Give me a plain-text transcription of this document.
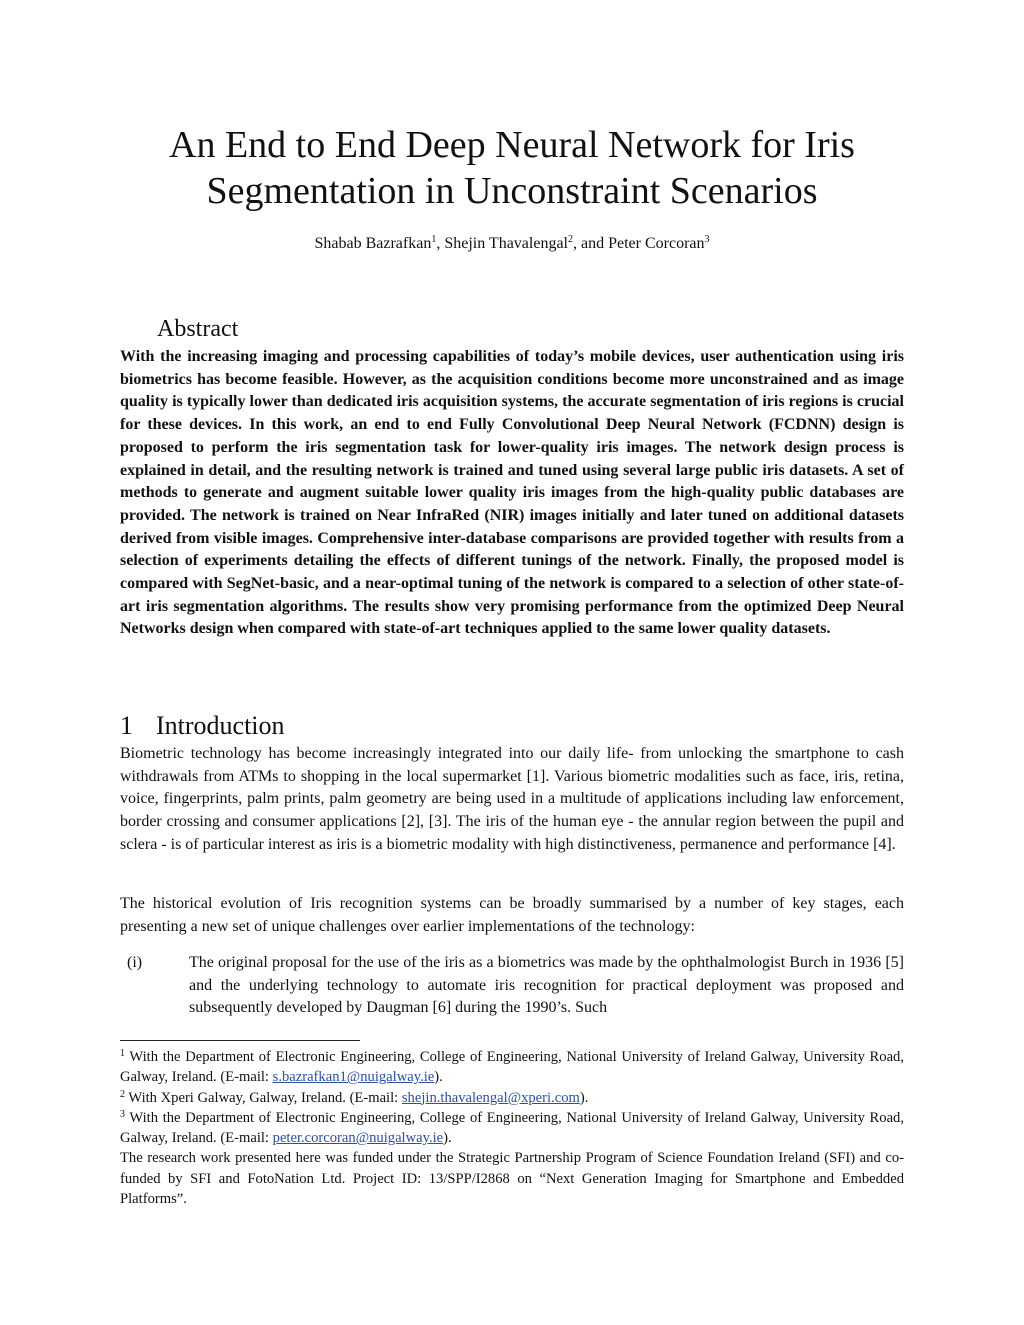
An End to End Deep Neural Network for Iris
Segmentation in Unconstraint Scenarios
Shabab Bazrafkan$^1$, Shejin Thavalengal$^2$, and Peter Corcoran$^3$
Abstract

With the increasing imaging and processing capabilities of today’s mobile devices, user authentication using iris biometrics has become feasible. However, as the acquisition conditions become more unconstrained and as image quality is typically lower than dedicated iris acquisition systems, the accurate segmentation of iris regions is crucial for these devices. In this work, an end to end Fully Convolutional Deep Neural Network (FCDNN) design is proposed to perform the iris segmentation task for lower-quality iris images. The network design process is explained in detail, and the resulting network is trained and tuned using several large public iris datasets. A set of methods to generate and augment suitable lower quality iris images from the high-quality public databases are provided. The network is trained on Near InfraRed (NIR) images initially and later tuned on additional datasets derived from visible images. Comprehensive inter-database comparisons are provided together with results from a selection of experiments detailing the effects of different tunings of the network. Finally, the proposed model is compared with SegNet-basic, and a near-optimal tuning of the network is compared to a selection of other state-of-art iris segmentation algorithms. The results show very promising performance from the optimized Deep Neural Networks design when compared with state-of-art techniques applied to the same lower quality datasets.

1 Introduction

Biometric technology has become increasingly integrated into our daily life- from unlocking the smartphone to cash withdrawals from ATMs to shopping in the local supermarket [1]. Various biometric modalities such as face, iris, retina, voice, fingerprints, palm prints, palm geometry are being used in a multitude of applications including law enforcement, border crossing and consumer applications [2], [3]. The iris of the human eye - the annular region between the pupil and sclera - is of particular interest as iris is a biometric modality with high distinctiveness, permanence and performance [4].

The historical evolution of Iris recognition systems can be broadly summarised by a number of key stages, each presenting a new set of unique challenges over earlier implementations of the technology:

(i)	The original proposal for the use of the iris as a biometrics was made by the ophthalmologist Burch in 1936 [5] and the underlying technology to automate iris recognition for practical deployment was proposed and subsequently developed by Daugman [6] during the 1990’s. Such

$^1$ With the Department of Electronic Engineering, College of Engineering, National University of Ireland Galway, University Road, Galway, Ireland. (E-mail: s.bazrafkan1@nuigalway.ie).

$^2$ With Xperi Galway, Galway, Ireland. (E-mail: shejin.thavalengal@xperi.com).

$^3$ With the Department of Electronic Engineering, College of Engineering, National University of Ireland Galway, University Road, Galway, Ireland. (E-mail: peter.corcoran@nuigalway.ie).

The research work presented here was funded under the Strategic Partnership Program of Science Foundation Ireland (SFI) and co-funded by SFI and FotoNation Ltd. Project ID: 13/SPP/I2868 on “Next Generation Imaging for Smartphone and Embedded Platforms”.
